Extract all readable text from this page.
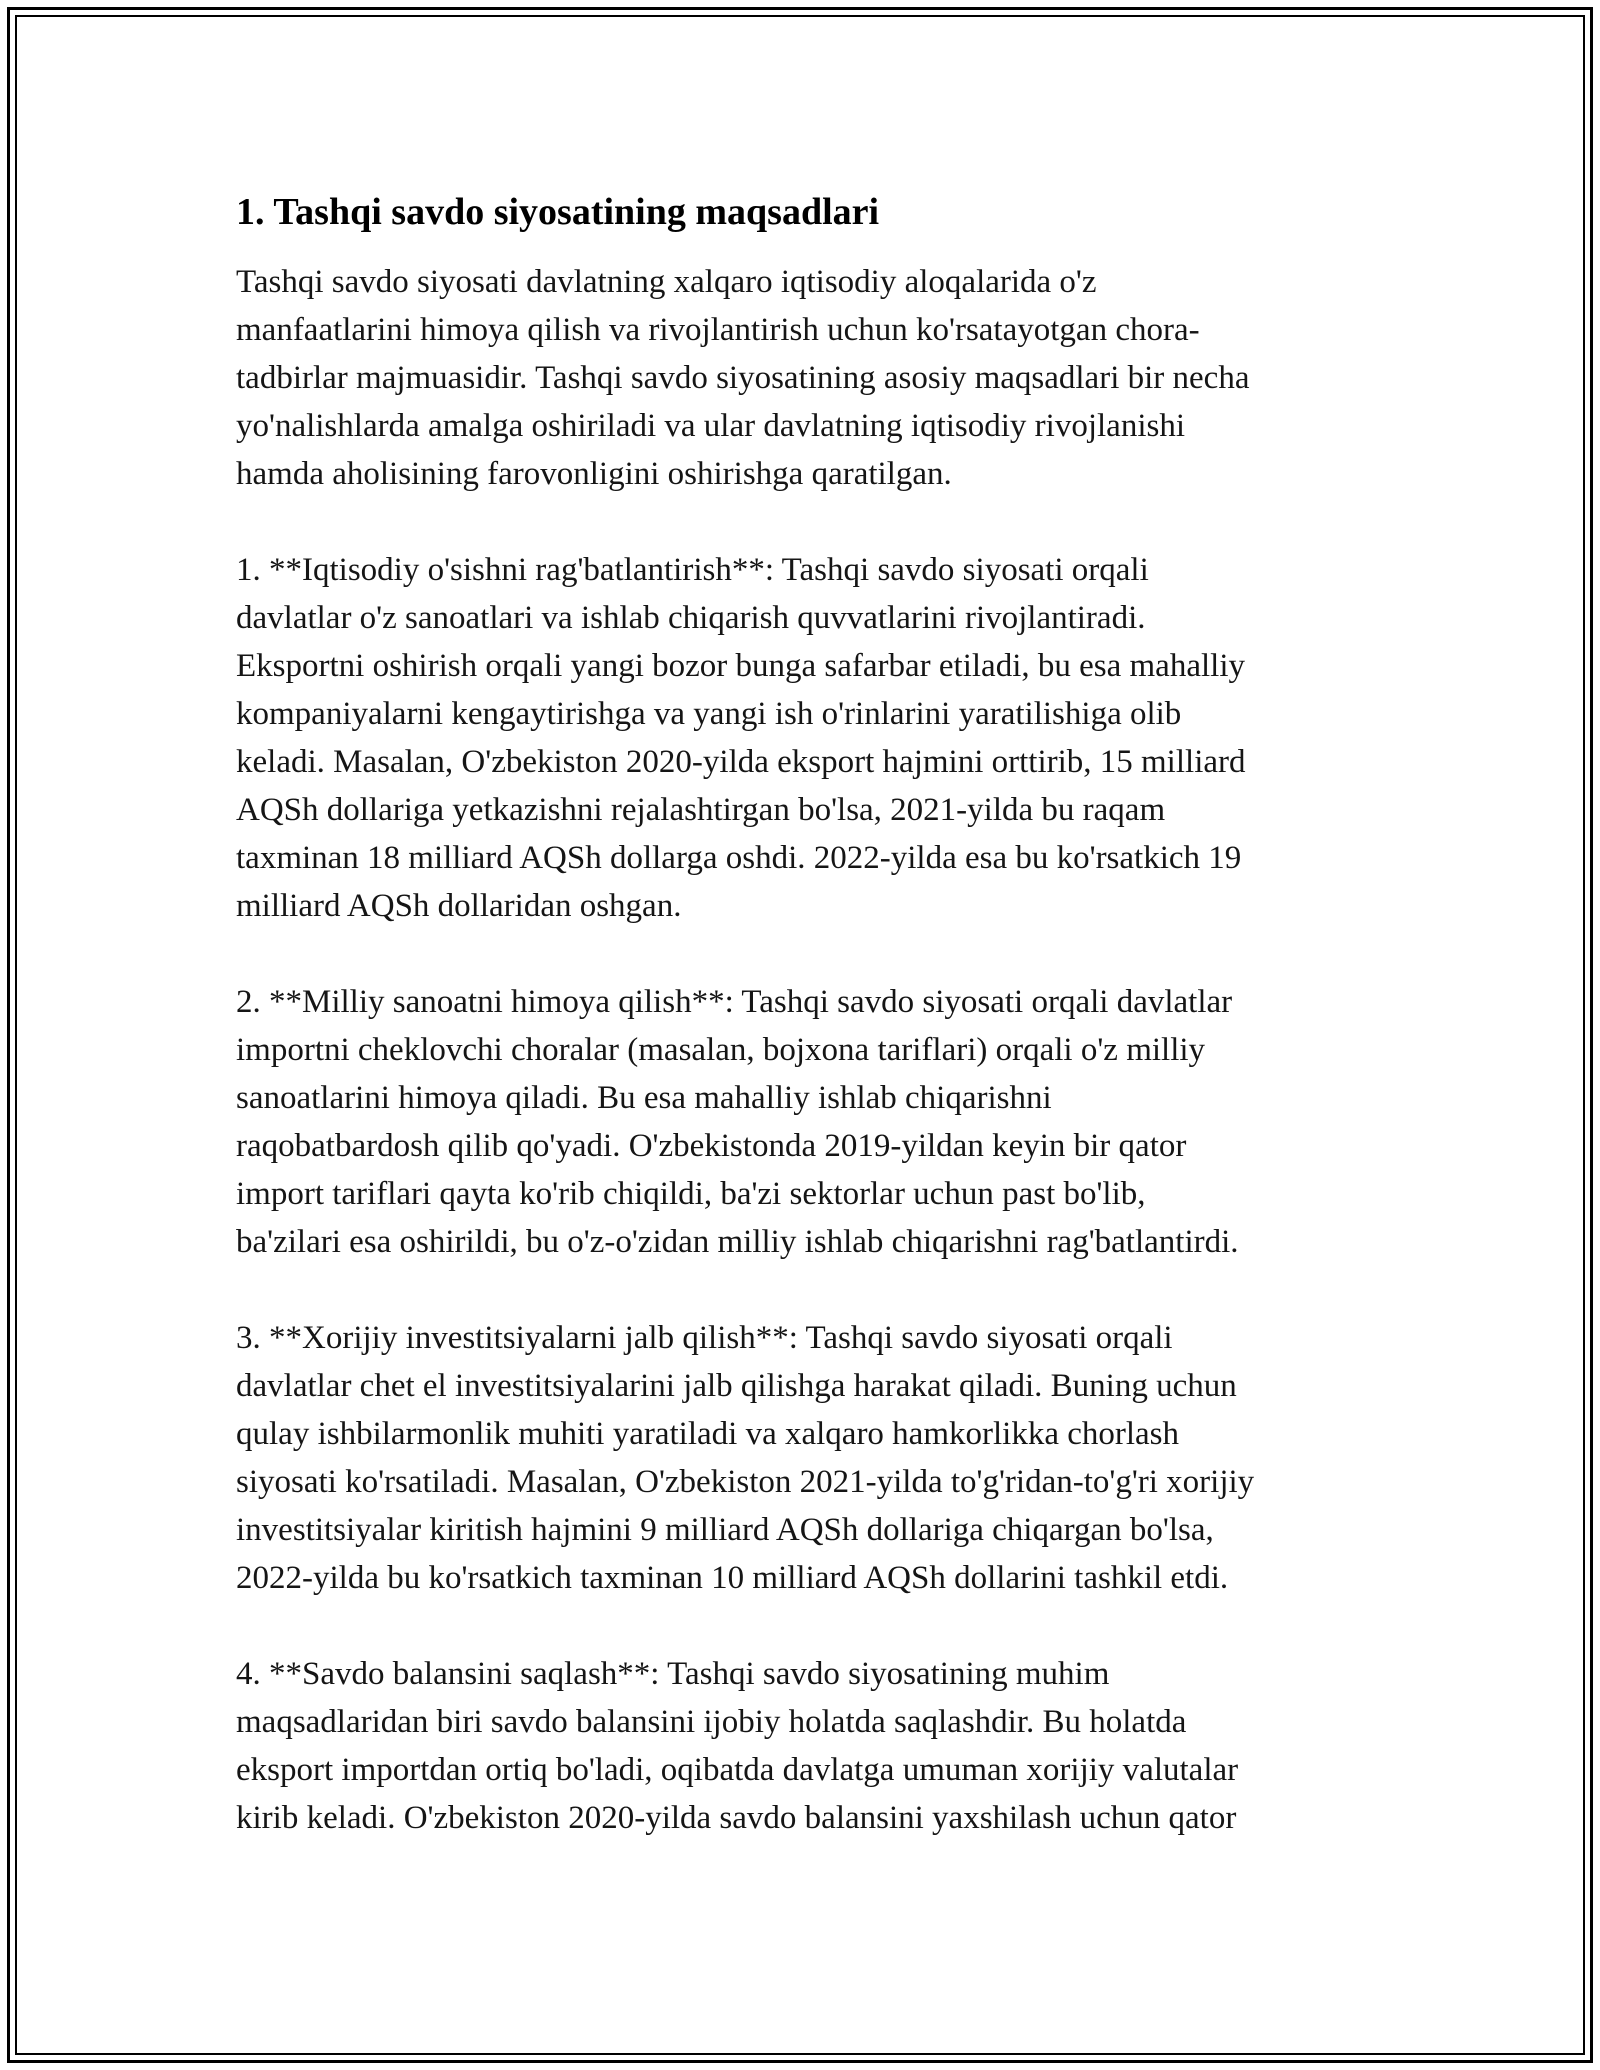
1. Tashqi savdo siyosatining maqsadlari

Tashqi savdo siyosati davlatning xalqaro iqtisodiy aloqalarida o'z
manfaatlarini himoya qilish va rivojlantirish uchun ko'rsatayotgan chora-
tadbirlar majmuasidir. Tashqi savdo siyosatining asosiy maqsadlari bir necha
yo'nalishlarda amalga oshiriladi va ular davlatning iqtisodiy rivojlanishi
hamda aholisining farovonligini oshirishga qaratilgan.

1. **Iqtisodiy o'sishni rag'batlantirish**: Tashqi savdo siyosati orqali
davlatlar o'z sanoatlari va ishlab chiqarish quvvatlarini rivojlantiradi.
Eksportni oshirish orqali yangi bozor bunga safarbar etiladi, bu esa mahalliy
kompaniyalarni kengaytirishga va yangi ish o'rinlarini yaratilishiga olib
keladi. Masalan, O'zbekiston 2020-yilda eksport hajmini orttirib, 15 milliard
AQSh dollariga yetkazishni rejalashtirgan bo'lsa, 2021-yilda bu raqam
taxminan 18 milliard AQSh dollarga oshdi. 2022-yilda esa bu ko'rsatkich 19
milliard AQSh dollaridan oshgan.

2. **Milliy sanoatni himoya qilish**: Tashqi savdo siyosati orqali davlatlar
importni cheklovchi choralar (masalan, bojxona tariflari) orqali o'z milliy
sanoatlarini himoya qiladi. Bu esa mahalliy ishlab chiqarishni
raqobatbardosh qilib qo'yadi. O'zbekistonda 2019-yildan keyin bir qator
import tariflari qayta ko'rib chiqildi, ba'zi sektorlar uchun past bo'lib,
ba'zilari esa oshirildi, bu o'z-o'zidan milliy ishlab chiqarishni rag'batlantirdi.

3. **Xorijiy investitsiyalarni jalb qilish**: Tashqi savdo siyosati orqali
davlatlar chet el investitsiyalarini jalb qilishga harakat qiladi. Buning uchun
qulay ishbilarmonlik muhiti yaratiladi va xalqaro hamkorlikka chorlash
siyosati ko'rsatiladi. Masalan, O'zbekiston 2021-yilda to'g'ridan-to'g'ri xorijiy
investitsiyalar kiritish hajmini 9 milliard AQSh dollariga chiqargan bo'lsa,
2022-yilda bu ko'rsatkich taxminan 10 milliard AQSh dollarini tashkil etdi.

4. **Savdo balansini saqlash**: Tashqi savdo siyosatining muhim
maqsadlaridan biri savdo balansini ijobiy holatda saqlashdir. Bu holatda
eksport importdan ortiq bo'ladi, oqibatda davlatga umuman xorijiy valutalar
kirib keladi. O'zbekiston 2020-yilda savdo balansini yaxshilash uchun qator
